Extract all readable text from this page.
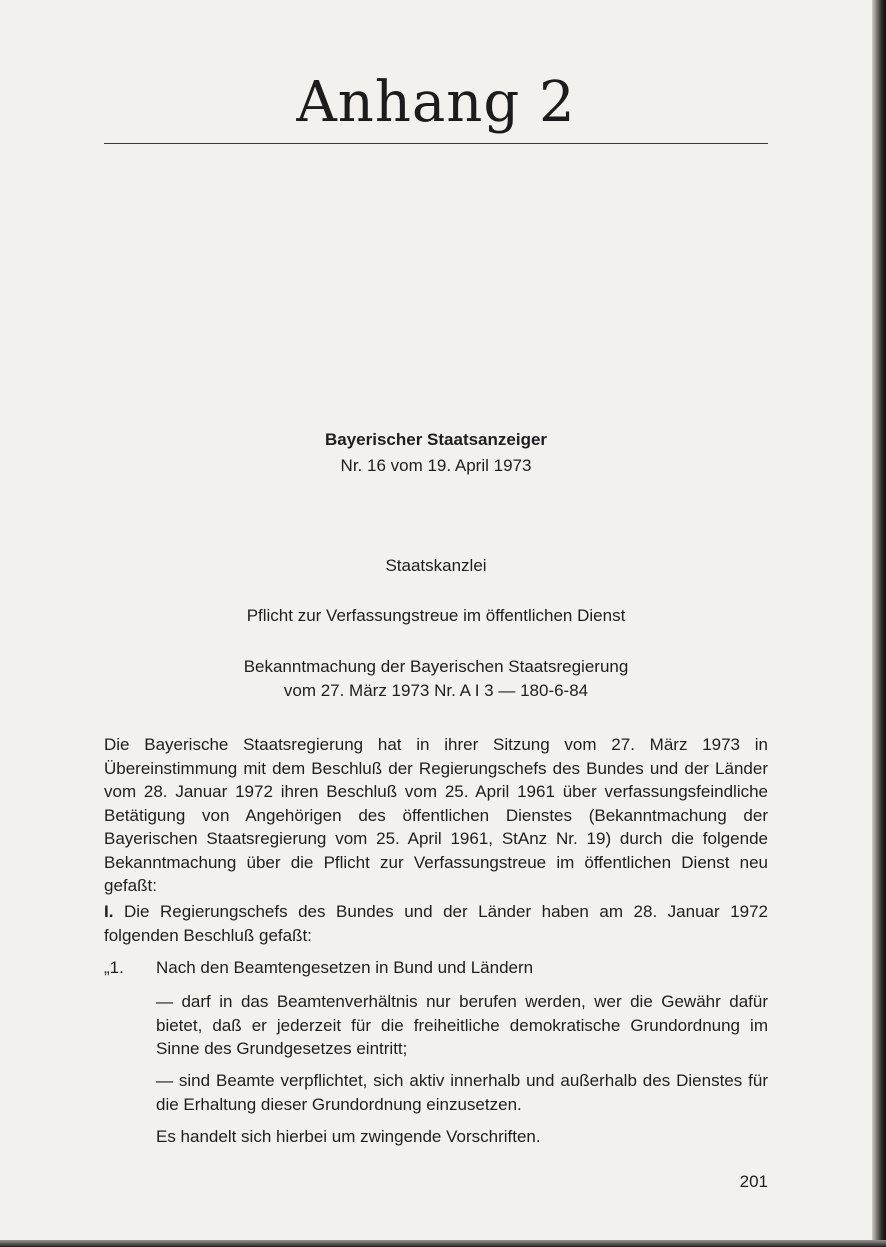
Anhang 2
Bayerischer Staatsanzeiger
Nr. 16 vom 19. April 1973
Staatskanzlei
Pflicht zur Verfassungstreue im öffentlichen Dienst
Bekanntmachung der Bayerischen Staatsregierung
vom 27. März 1973 Nr. A I 3 — 180-6-84
Die Bayerische Staatsregierung hat in ihrer Sitzung vom 27. März 1973 in Übereinstimmung mit dem Beschluß der Regierungschefs des Bundes und der Länder vom 28. Januar 1972 ihren Beschluß vom 25. April 1961 über verfassungsfeindliche Betätigung von Angehörigen des öffentlichen Dienstes (Bekanntmachung der Bayerischen Staatsregierung vom 25. April 1961, StAnz Nr. 19) durch die folgende Bekanntmachung über die Pflicht zur Verfassungstreue im öffentlichen Dienst neu gefaßt:
I. Die Regierungschefs des Bundes und der Länder haben am 28. Januar 1972 folgenden Beschluß gefaßt:
„1. Nach den Beamtengesetzen in Bund und Ländern
— darf in das Beamtenverhältnis nur berufen werden, wer die Gewähr dafür bietet, daß er jederzeit für die freiheitliche demokratische Grundordnung im Sinne des Grundgesetzes eintritt;
— sind Beamte verpflichtet, sich aktiv innerhalb und außerhalb des Dienstes für die Erhaltung dieser Grundordnung einzusetzen.
Es handelt sich hierbei um zwingende Vorschriften.
201
